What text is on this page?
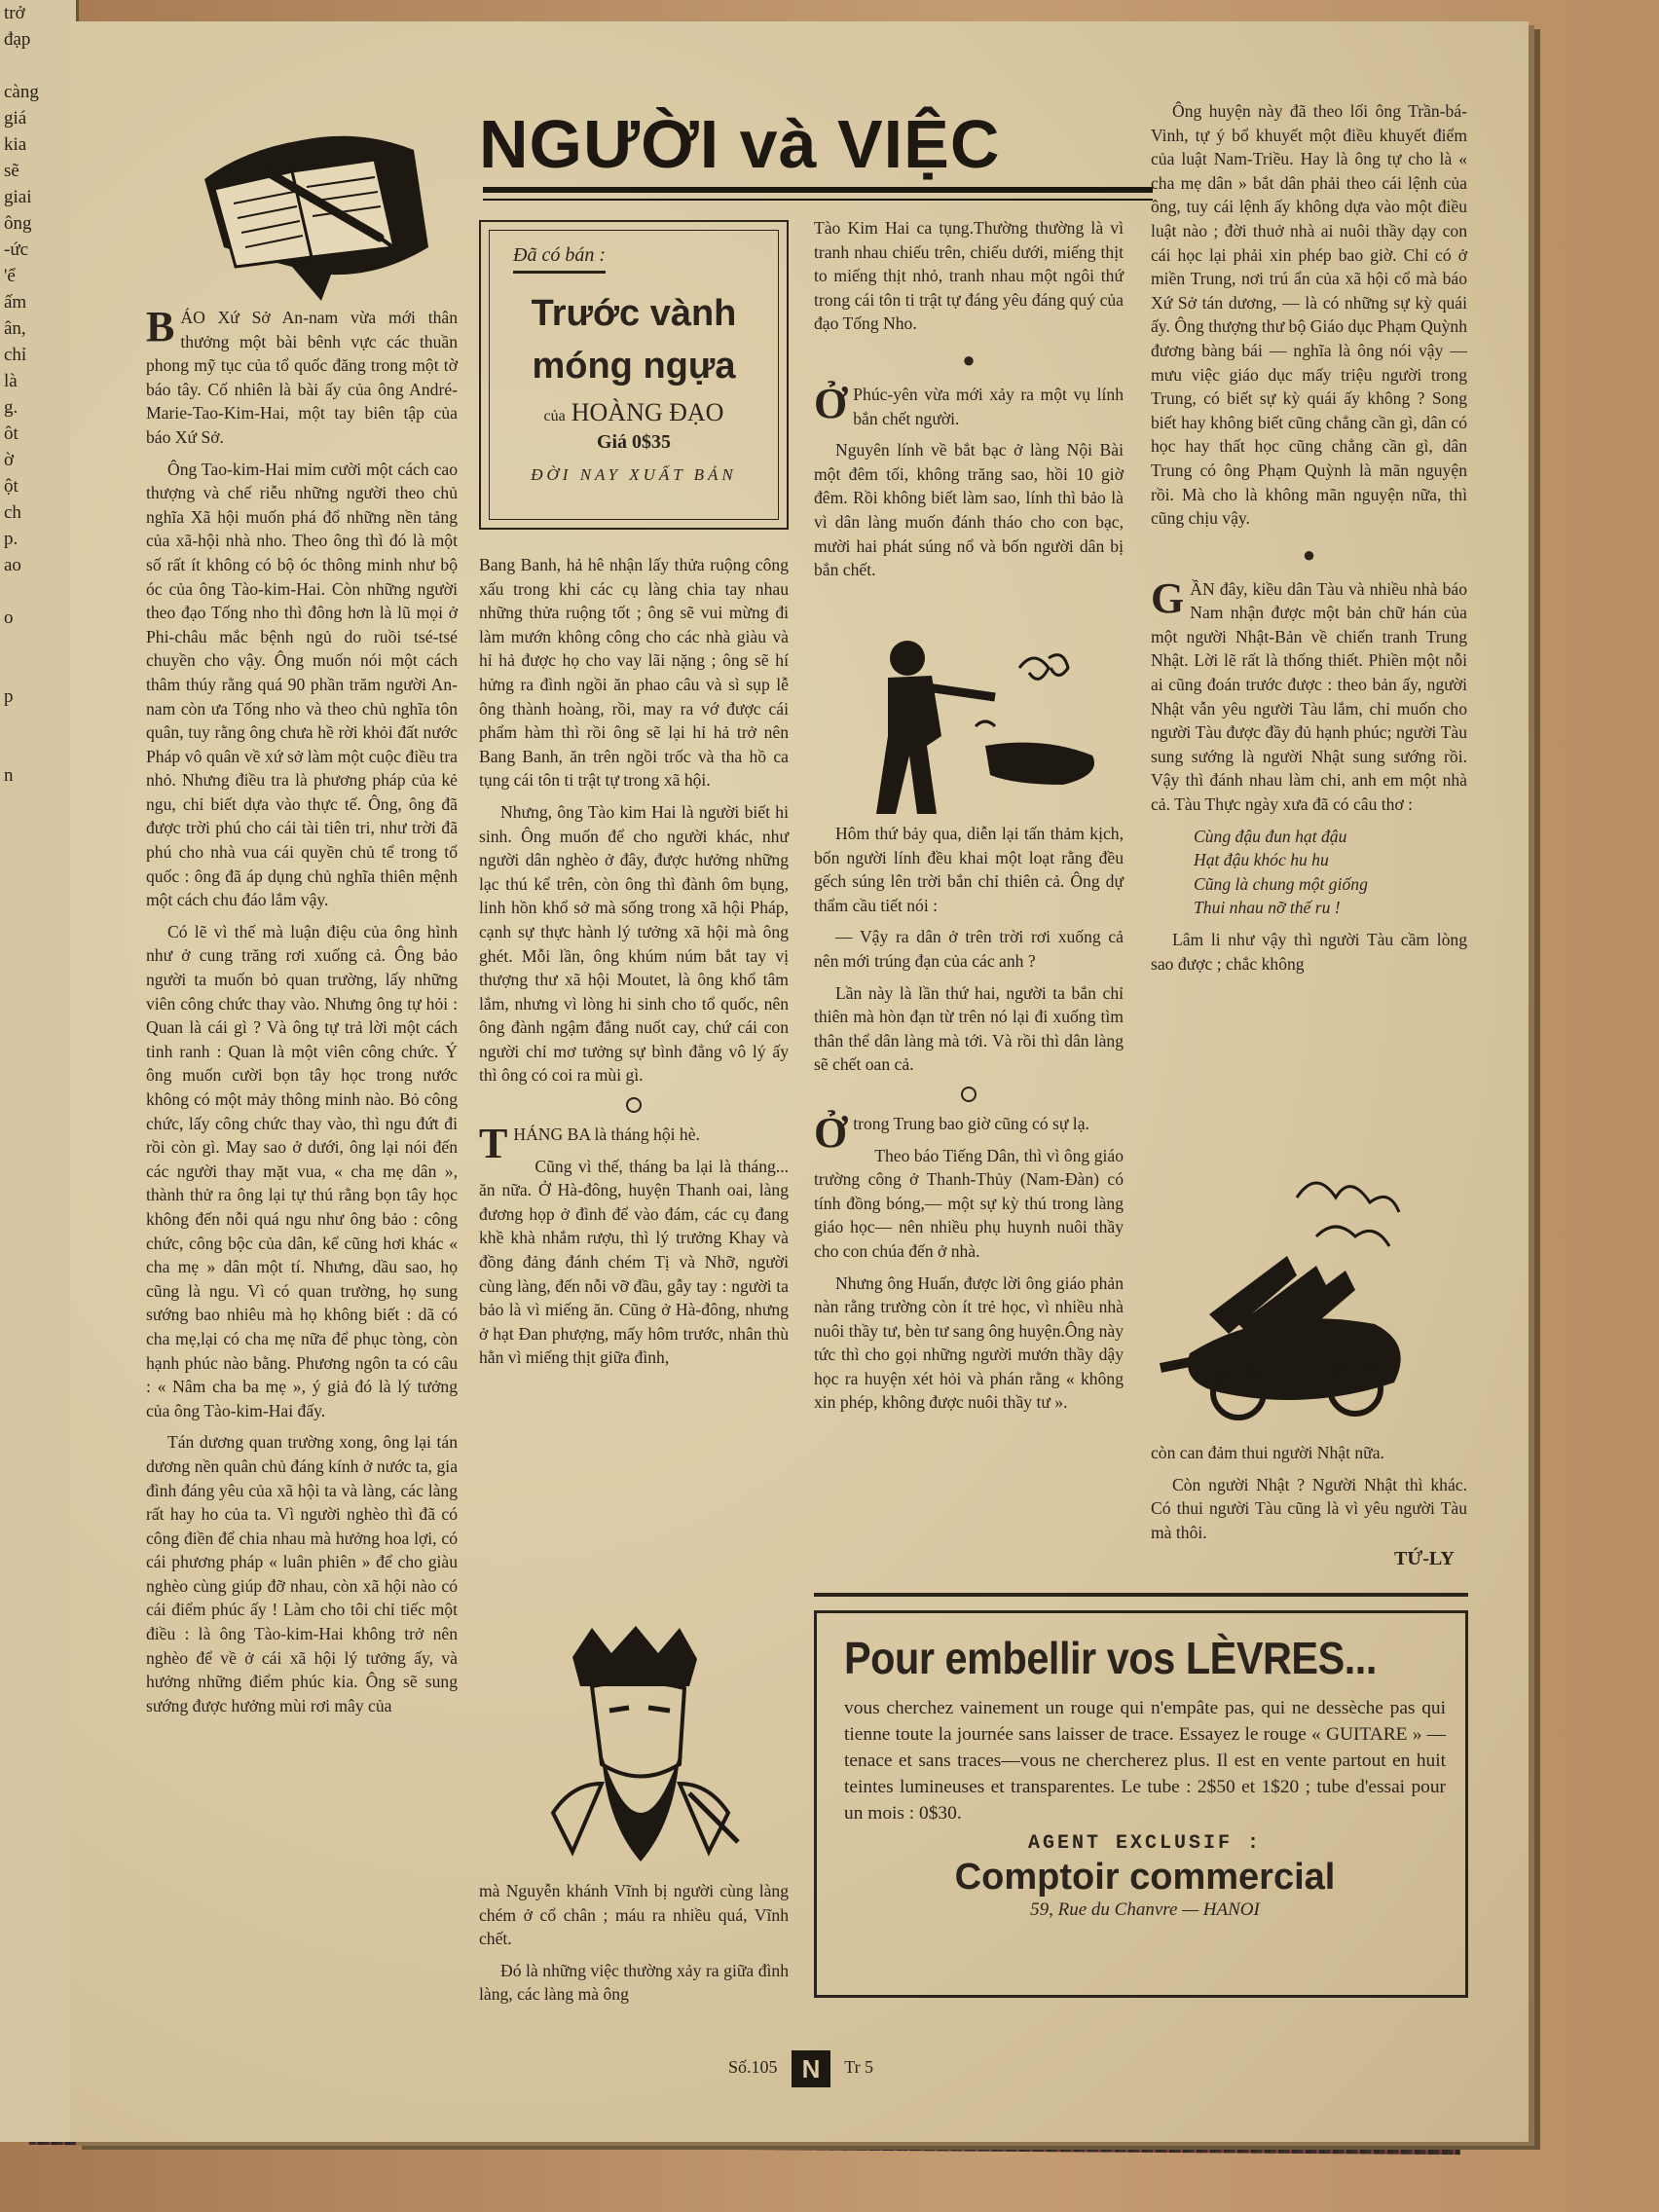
trở
đạp

càng
giá
kia
sẽ
giai
ông
-ức
'ể
ấm
ân,
chỉ
là
g.
ôt
ờ
ột
ch
p.
ao

o

p

n

NGƯỜI và VIỆC

BÁO Xứ Sở An-nam vừa mới thân thưởng một bài bênh vực các thuần phong mỹ tục của tổ quốc đăng trong một tờ báo tây. Cố nhiên là bài ấy của ông André-Marie-Tao-Kim-Hai, một tay biên tập của báo Xứ Sở.

Ông Tao-kim-Hai mỉm cười một cách cao thượng và chế riễu những người theo chủ nghĩa Xã hội muốn phá đổ những nền tảng của xã-hội nhà nho. Theo ông thì đó là một số rất ít không có bộ óc thông minh như bộ óc của ông Tào-kim-Hai. Còn những người theo đạo Tống nho thì đông hơn là lũ mọi ở Phi-châu mắc bệnh ngủ do ruồi tsé-tsé chuyền cho vậy. Ông muốn nói một cách thâm thúy rằng quá 90 phần trăm người An-nam còn ưa Tống nho và theo chủ nghĩa tôn quân, tuy rằng ông chưa hề rời khỏi đất nước Pháp vô quân về xứ sở làm một cuộc điều tra nhỏ. Nhưng điều tra là phương pháp của kẻ ngu, chỉ biết dựa vào thực tế. Ông, ông đã được trời phú cho cái tài tiên tri, như trời đã phú cho nhà vua cái quyền chủ tể trong tổ quốc : ông đã áp dụng chủ nghĩa thiên mệnh một cách chu đáo lắm vậy.

Có lẽ vì thế mà luận điệu của ông hình như ở cung trăng rơi xuống cả. Ông bảo người ta muốn bỏ quan trường, lấy những viên công chức thay vào. Nhưng ông tự hỏi : Quan là cái gì ? Và ông tự trả lời một cách tinh ranh : Quan là một viên công chức. Ý ông muốn cười bọn tây học trong nước không có một mảy thông minh nào. Bỏ công chức, lấy công chức thay vào, thì ngu đứt đi rồi còn gì. May sao ở dưới, ông lại nói đến các người thay mặt vua, « cha mẹ dân », thành thử ra ông lại tự thú rằng bọn tây học không đến nỗi quá ngu như ông bảo : công chức, công bộc của dân, kể cũng hơi khác « cha mẹ » dân một tí. Nhưng, dầu sao, họ cũng là ngu. Vì có quan trường, họ sung sướng bao nhiêu mà họ không biết : dã có cha mẹ,lại có cha mẹ nữa để phục tòng, còn hạnh phúc nào bằng. Phương ngôn ta có câu : « Nâm cha ba mẹ », ý giả đó là lý tưởng của ông Tào-kim-Hai đấy.

Tán dương quan trường xong, ông lại tán dương nền quân chủ đáng kính ở nước ta, gia đình đáng yêu của xã hội ta và làng, các làng rất hay ho của ta. Vì người nghèo thì đã có công điền để chia nhau mà hưởng hoa lợi, có cái phương pháp « luân phiên » để cho giàu nghèo cùng giúp đỡ nhau, còn xã hội nào có cái điểm phúc ấy ! Làm cho tôi chỉ tiếc một điều : là ông Tào-kim-Hai không trở nên nghèo để về ở cái xã hội lý tưởng ấy, và hưởng những điểm phúc kia. Ông sẽ sung sướng được hưởng mùi rơi mây của

Đã có bán :
Trước vành
móng ngựa
của HOÀNG ĐẠO
Giá 0$35
ĐỜI NAY XUẤT BẢN

Bang Banh, hả hê nhận lấy thửa ruộng công xấu trong khi các cụ làng chia tay nhau những thửa ruộng tốt ; ông sẽ vui mừng đi làm mướn không công cho các nhà giàu và hỉ hả được họ cho vay lãi nặng ; ông sẽ hí hửng ra đình ngồi ăn phao câu và sì sụp lễ ông thành hoàng, rồi, may ra vớ được cái phẩm hàm thì rồi ông sẽ lại hỉ hả trở nên Bang Banh, ăn trên ngồi trốc và tha hồ ca tụng cái tôn ti trật tự trong xã hội.

Nhưng, ông Tào kim Hai là người biết hi sinh. Ông muốn để cho người khác, như người dân nghèo ở đây, được hưởng những lạc thú kể trên, còn ông thì đành ôm bụng, linh hồn khổ sở mà sống trong xã hội Pháp, cạnh sự thực hành lý tưởng xã hội mà ông ghét. Mỗi lần, ông khúm núm bắt tay vị thượng thư xã hội Moutet, là ông khổ tâm lắm, nhưng vì lòng hi sinh cho tổ quốc, nên ông đành ngậm đắng nuốt cay, chứ cái con người chỉ mơ tưởng sự bình đẳng vô lý ấy thì ông có coi ra mùi gì.

THÁNG BA là tháng hội hè.

Cũng vì thế, tháng ba lại là tháng... ăn nữa. Ở Hà-đông, huyện Thanh oai, làng đương họp ở đình để vào đám, các cụ đang khề khà nhắm rượu, thì lý trưởng Khay và đồng đảng đánh chém Tị và Nhỡ, người cùng làng, đến nỗi vỡ đầu, gẫy tay : người ta bảo là vì miếng ăn. Cũng ở Hà-đông, nhưng ở hạt Đan phượng, mấy hôm trước, nhân thù hằn vì miếng thịt giữa đình,

mà Nguyễn khánh Vĩnh bị người cùng làng chém ở cổ chân ; máu ra nhiều quá, Vĩnh chết.

Đó là những việc thường xảy ra giữa đình làng, các làng mà ông

Tào Kim Hai ca tụng.Thường thường là vì tranh nhau chiếu trên, chiếu dưới, miếng thịt to miếng thịt nhỏ, tranh nhau một ngôi thứ trong cái tôn ti trật tự đáng yêu đáng quý của đạo Tống Nho.

●

Ở Phúc-yên vừa mới xảy ra một vụ lính bắn chết người.

Nguyên lính về bắt bạc ở làng Nội Bài một đêm tối, không trăng sao, hồi 10 giờ đêm. Rồi không biết làm sao, lính thì bảo là vì dân làng muốn đánh tháo cho con bạc, mười hai phát súng nổ và bốn người dân bị bắn chết.

Hôm thứ bảy qua, diễn lại tấn thảm kịch, bốn người lính đều khai một loạt rằng đều gếch súng lên trời bắn chỉ thiên cả. Ông dự thẩm cầu tiết nói :

— Vậy ra dân ở trên trời rơi xuống cả nên mới trúng đạn của các anh ?

Lần này là lần thứ hai, người ta bắn chỉ thiên mà hòn đạn từ trên nó lại đi xuống tìm thân thể dân làng mà tới. Và rồi thì dân làng sẽ chết oan cả.

Ởtrong Trung bao giờ cũng có sự lạ.

Theo báo Tiếng Dân, thì vì ông giáo trường công ở Thanh-Thủy (Nam-Đàn) có tính đồng bóng,— một sự kỳ thú trong làng giáo học— nên nhiều phụ huynh nuôi thầy cho con chúa đến ở nhà.

Nhưng ông Huấn, được lời ông giáo phản nàn rằng trường còn ít trẻ học, vì nhiều nhà nuôi thầy tư, bèn tư sang ông huyện.Ông này tức thì cho gọi những người mướn thầy dậy học ra huyện xét hỏi và phán rằng « không xin phép, không được nuôi thầy tư ».

Ông huyện này đã theo lối ông Trần-bá-Vinh, tự ý bổ khuyết một điều khuyết điểm của luật Nam-Triều. Hay là ông tự cho là « cha mẹ dân » bắt dân phải theo cái lệnh của ông, tuy cái lệnh ấy không dựa vào một điều luật nào ; đời thuở nhà ai nuôi thầy dạy con cái học lại phải xin phép bao giờ. Chỉ có ở miền Trung, nơi trú ẩn của xã hội cổ mà báo Xứ Sở tán dương, — là có những sự kỳ quái ấy. Ông thượng thư bộ Giáo dục Phạm Quỳnh đương bàng bái — nghĩa là ông nói vậy — mưu việc giáo dục mấy triệu người trong Trung, có biết sự kỳ quái ấy không ? Song biết hay không biết cũng chẳng cần gì, dân có học hay thất học cũng chẳng cần gì, dân Trung có ông Phạm Quỳnh là mãn nguyện rồi. Mà cho là không mãn nguyện nữa, thì cũng chịu vậy.

●

GẦN đây, kiều dân Tàu và nhiều nhà báo Nam nhận được một bản chữ hán của một người Nhật-Bản về chiến tranh Trung Nhật. Lời lẽ rất là thống thiết. Phiền một nỗi ai cũng đoán trước được : theo bản ấy, người Nhật vẫn yêu người Tàu lắm, chỉ muốn cho người Tàu được đầy đủ hạnh phúc; người Tàu sung sướng là người Nhật sung sướng rồi. Vậy thì đánh nhau làm chi, anh em một nhà cả. Tàu Thực ngày xưa đã có câu thơ :

Cùng đậu đun hạt đậu

Hạt đậu khóc hu hu

Cũng là chung một giống

Thui nhau nỡ thế ru !

Lâm li như vậy thì người Tàu cầm lòng sao được ; chắc không

còn can đảm thui người Nhật nữa.

Còn người Nhật ? Người Nhật thì khác. Có thui người Tàu cũng là vì yêu người Tàu mà thôi.

TỨ-LY
Pour embellir vos LÈVRES...
vous cherchez vainement un rouge qui n'empâte pas, qui ne dessèche pas qui tienne toute la journée sans laisser de trace. Essayez le rouge « GUITARE » — tenace et sans traces—vous ne chercherez plus. Il est en vente partout en huit teintes lumineuses et transparentes. Le tube : 2$50 et 1$20 ; tube d'essai pour un mois : 0$30.
AGENT EXCLUSIF :
Comptoir commercial
59, Rue du Chanvre — HANOI
Số.105 N Tr 5
